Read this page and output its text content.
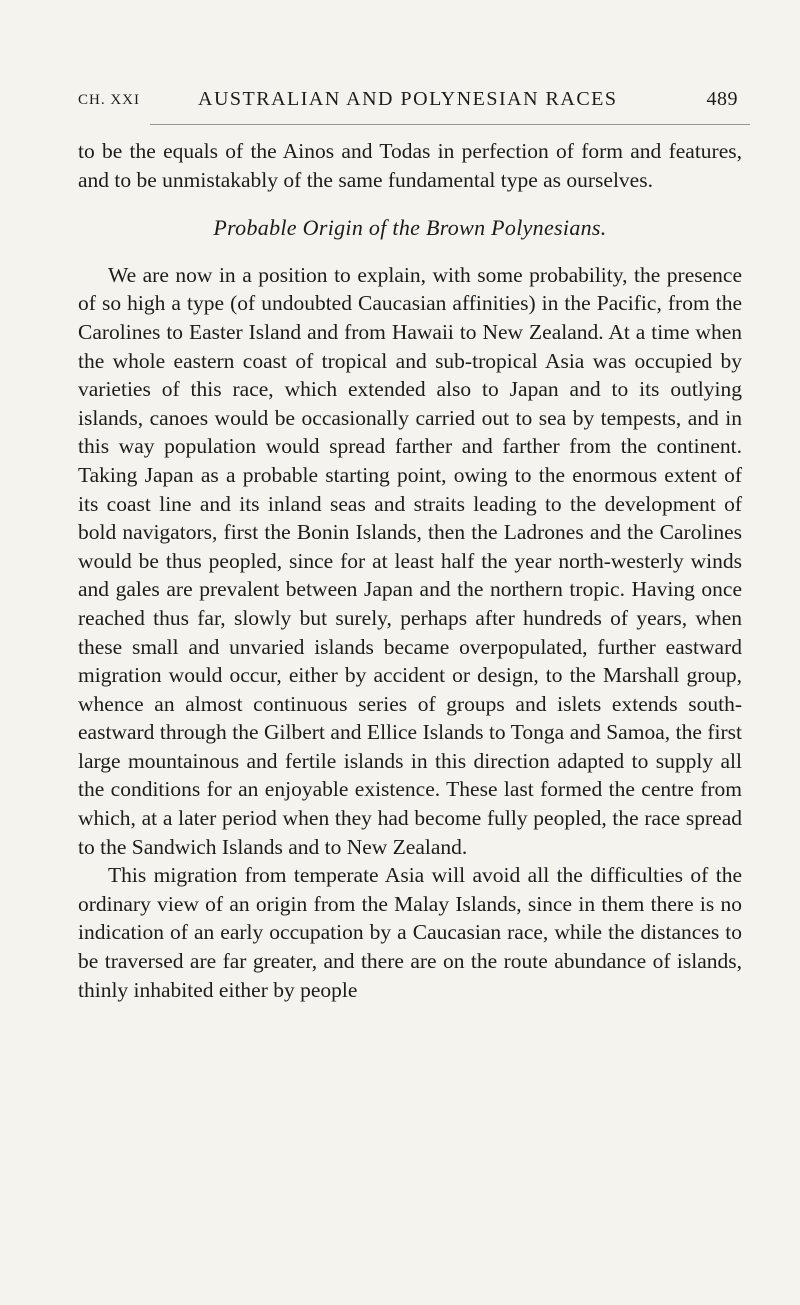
CH. XXI	AUSTRALIAN AND POLYNESIAN RACES	489

to be the equals of the Ainos and Todas in perfection of form and features, and to be unmistakably of the same fundamental type as ourselves.

Probable Origin of the Brown Polynesians.

We are now in a position to explain, with some probability, the presence of so high a type (of undoubted Caucasian affinities) in the Pacific, from the Carolines to Easter Island and from Hawaii to New Zealand. At a time when the whole eastern coast of tropical and sub-tropical Asia was occupied by varieties of this race, which extended also to Japan and to its outlying islands, canoes would be occasionally carried out to sea by tempests, and in this way population would spread farther and farther from the continent. Taking Japan as a probable starting point, owing to the enormous extent of its coast line and its inland seas and straits leading to the development of bold navigators, first the Bonin Islands, then the Ladrones and the Carolines would be thus peopled, since for at least half the year north-westerly winds and gales are prevalent between Japan and the northern tropic. Having once reached thus far, slowly but surely, perhaps after hundreds of years, when these small and unvaried islands became overpopulated, further eastward migration would occur, either by accident or design, to the Marshall group, whence an almost continuous series of groups and islets extends south-eastward through the Gilbert and Ellice Islands to Tonga and Samoa, the first large mountainous and fertile islands in this direction adapted to supply all the conditions for an enjoyable existence. These last formed the centre from which, at a later period when they had become fully peopled, the race spread to the Sandwich Islands and to New Zealand.

This migration from temperate Asia will avoid all the difficulties of the ordinary view of an origin from the Malay Islands, since in them there is no indication of an early occupation by a Caucasian race, while the distances to be traversed are far greater, and there are on the route abundance of islands, thinly inhabited either by people
